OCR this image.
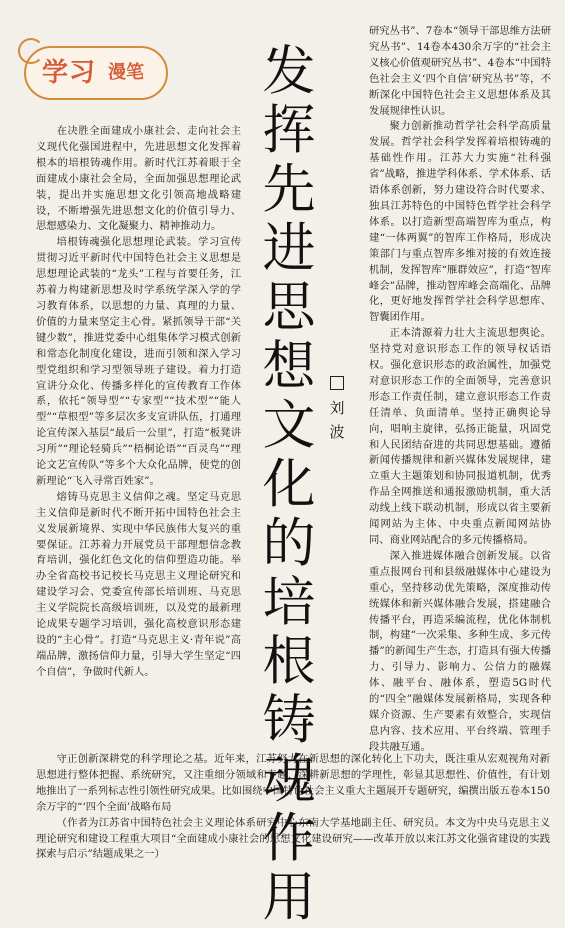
学习 漫笔

在决胜全面建成小康社会、走向社会主义现代化强国进程中，先进思想文化发挥着根本的培根铸魂作用。新时代江苏着眼于全面建成小康社会全局，全面加强思想理论武装，提出并实施思想文化引领高地战略建设，不断增强先进思想文化的价值引导力、思想感染力、文化凝聚力、精神推动力。

培根铸魂强化思想理论武装。学习宣传贯彻习近平新时代中国特色社会主义思想是思想理论武装的“龙头”工程与首要任务，江苏着力构建新思想及时学系统学深入学的学习教育体系，以思想的力量、真理的力量、价值的力量来坚定主心骨。紧抓领导干部“关键少数”，推进党委中心组集体学习模式创新和常态化制度化建设，进而引领和深入学习型党组织和学习型领导班子建设。着力打造宣讲分众化、传播多样化的宣传教育工作体系，依托“领导型”“专家型”“技术型”“能人型”“草根型”等多层次多支宣讲队伍，打通理论宣传深入基层“最后一公里”，打造“板凳讲习所”“理论轻骑兵”“梧桐论语”“百灵鸟”“理论文艺宣传队”等多个大众化品牌，使党的创新理论“飞入寻常百姓家”。

熔铸马克思主义信仰之魂。坚定马克思主义信仰是新时代不断开拓中国特色社会主义发展新境界、实现中华民族伟大复兴的重要保证。江苏着力开展党员干部理想信念教育培训，强化红色文化的信仰塑造功能。举办全省高校书记校长马克思主义理论研究和建设学习会、党委宣传部长培训班、马克思主义学院院长高级培训班，以及党的最新理论成果专题学习培训，强化高校意识形态建设的“主心骨”。打造“马克思主义·青年说”高端品牌，激扬信仰力量，引导大学生坚定“四个自信”，争做时代新人。

发
挥
先
进
思
想
文
化
的
培
根
铸
魂
作
用
刘
波

研究丛书”、7卷本“领导干部思维方法研究丛书”、14卷本430余万字的“社会主义核心价值观研究丛书”、4卷本“中国特色社会主义‘四个自信’研究丛书”等，不断深化中国特色社会主义思想体系及其发展规律性认识。

聚力创新推动哲学社会科学高质量发展。哲学社会科学发挥着培根铸魂的基础性作用。江苏大力实施“社科强省”战略，推进学科体系、学术体系、话语体系创新，努力建设符合时代要求、独具江苏特色的中国特色哲学社会科学体系。以打造新型高端智库为重点，构建“一体两翼”的智库工作格局，形成决策部门与重点智库多维对接的有效连接机制，发挥智库“雁群效应”，打造“智库峰会”品牌，推动智库峰会高端化、品牌化，更好地发挥哲学社会科学思想库、智囊团作用。

正本清源着力壮大主流思想舆论。坚持党对意识形态工作的领导权话语权。强化意识形态的政治属性，加强党对意识形态工作的全面领导，完善意识形态工作责任制，建立意识形态工作责任清单、负面清单。坚持正确舆论导向，唱响主旋律，弘扬正能量，巩固党和人民团结奋进的共同思想基础。遵循新闻传播规律和新兴媒体发展规律，建立重大主题策划和协同报道机制，优秀作品全网推送和通报激励机制，重大活动线上线下联动机制，形成以省主要新闻网站为主体、中央重点新闻网站协同、商业网站配合的多元传播格局。

深入推进媒体融合创新发展。以省重点报网台刊和县级融媒体中心建设为重心，坚持移动优先策略，深度推动传统媒体和新兴媒体融合发展，搭建融合传播平台，再造采编流程，优化体制机制，构建“一次采集、多种生成、多元传播”的新闻生产生态，打造具有强大传播力、引导力、影响力、公信力的融媒体、融平台、融体系，塑造5G时代的“四全”融媒体发展新格局，实现各种媒介资源、生产要素有效整合，实现信息内容、技术应用、平台终端、管理手段共融互通。

守正创新深耕党的科学理论之基。近年来，江苏努力在新思想的深化转化上下功夫，既注重从宏观视角对新思想进行整体把握、系统研究，又注重细分领域和专题，深耕新思想的学理性，彰显其思想性、价值性，有计划地推出了一系列标志性引领性研究成果。比如围绕中国特色社会主义重大主题展开专题研究，编撰出版五卷本150余万字的“‘四个全面’战略布局

（作者为江苏省中国特色社会主义理论体系研究中心东南大学基地副主任、研究员。本文为中央马克思主义理论研究和建设工程重大项目“全面建成小康社会的思想文化建设研究——改革开放以来江苏文化强省建设的实践探索与启示”结题成果之一）
